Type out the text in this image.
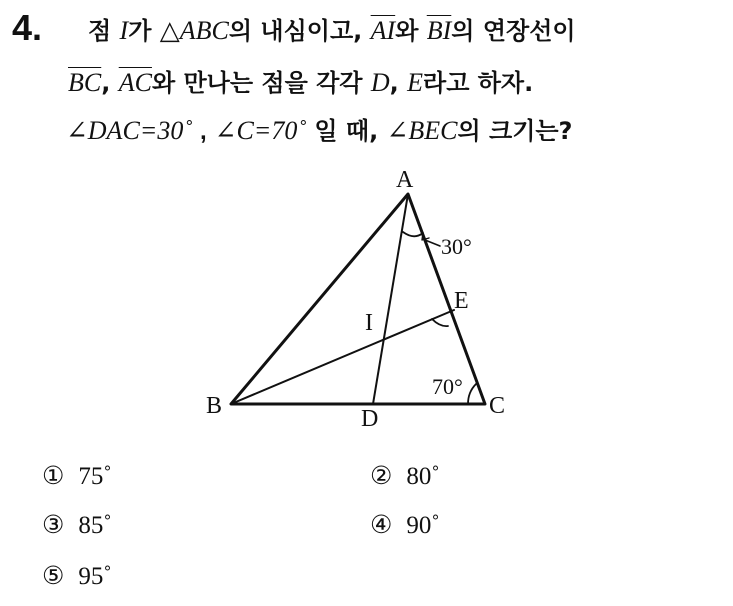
4. 점 I가 △ABC의 내심이고, $\overline{AI}$와 $\overline{BI}$의 연장선이
$\overline{BC}$, $\overline{AC}$와 만나는 점을 각각 D, E라고 하자.
∠DAC=30˚ , ∠C=70˚ 일 때, ∠BEC의 크기는?
A
B	C
D
E
I
30°
70°
① 75˚	② 80˚
③ 85˚	④ 90˚
⑤ 95˚
